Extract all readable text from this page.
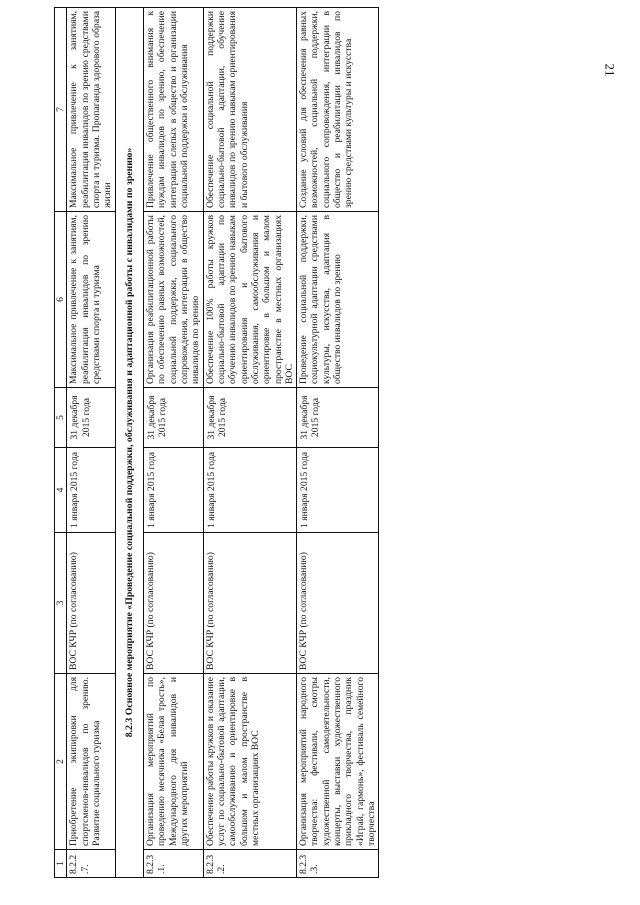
21
1	2	3	4	5	6	7
8.2.2.7.	Приобретение экипировки для спортсменов-инвалидов по зрению. Развитие социального туризма	ВОС КЧР (по согласованию)	1 января 2015 года	31 декабря 2015 года	Максимальное привлечение к занятиям, реабилитация инвалидов по зрению средствами спорта и туризма	Максимальное привлечение к занятиям, реабилитация инвалидов по зрению средствами спорта и туризма. Пропаганда здорового образа жизни
8.2.3 Основное мероприятие «Проведение социальной поддержки, обслуживания и адаптационной работы с инвалидами по зрению»						
8.2.3.1.	Организация мероприятий по проведению месячника «Белая трость», Международного дня инвалидов и других мероприятий	ВОС КЧР (по согласованию)	1 января 2015 года	31 декабря 2015 года	Организация реабилитационной работы по обеспечению равных возможностей, социальной поддержки, социального сопровождения, интеграции в общество инвалидов по зрению	Привлечение общественного внимания к нуждам инвалидов по зрению, обеспечение интеграции слепых в общество и организации социальной поддержки и обслуживания
8.2.3.2.	Обеспечение работы кружков и оказание услуг по социально-бытовой адаптации, самообслуживанию и ориентировке в большом и малом пространстве в местных организациях ВОС	ВОС КЧР (по согласованию)	1 января 2015 года	31 декабря 2015 года	Обеспечение 100% работы кружков социально-бытовой адаптации по обучению инвалидов по зрению навыкам ориентирования и бытового обслуживания, самообслуживания и ориентировке в большом и малом пространстве в местных организациях ВОС	Обеспечение социальной поддержки социально-бытовой адаптации, обучение инвалидов по зрению навыкам ориентирования и бытового обслуживания
8.2.3.3.	Организация мероприятий народного творчества: фестивали, смотры художественной самодеятельности, концерты, выставки художественного прикладного творчества, праздник «Играй, гармонь», фестиваль семейного творчества	ВОС КЧР (по согласованию)	1 января 2015 года	31 декабря 2015 года	Проведение социальной поддержки, социокультурной адаптации средствами культуры, искусства, адаптация в общество инвалидов по зрению	Создание условий для обеспечения равных возможностей, социальной поддержки, социального сопровождения, интеграции в общество и реабилитации инвалидов по зрению средствами культуры и искусства
